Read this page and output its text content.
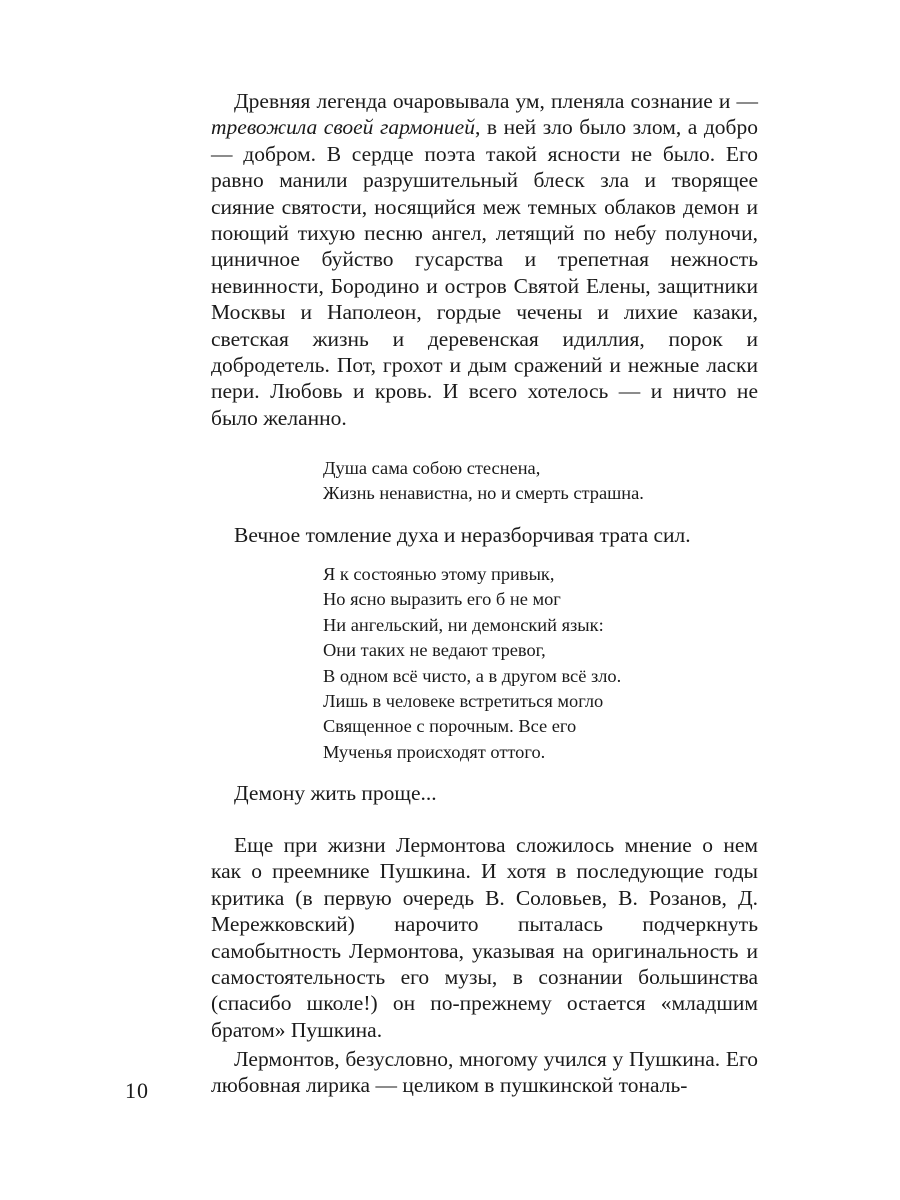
Древняя легенда очаровывала ум, пленяла сознание и — тревожила своей гармонией, в ней зло было злом, а добро — добром. В сердце поэта такой ясности не было. Его равно манили разрушительный блеск зла и творящее сияние святости, носящийся меж темных облаков демон и поющий тихую песню ангел, летящий по небу полуночи, циничное буйство гусарства и трепетная нежность невинности, Бородино и остров Святой Елены, защитники Москвы и Наполеон, гордые чечены и лихие казаки, светская жизнь и деревенская идиллия, порок и добродетель. Пот, грохот и дым сражений и нежные ласки пери. Любовь и кровь. И всего хотелось — и ничто не было желанно.

Душа сама собою стеснена,
Жизнь ненавистна, но и смерть страшна.

Вечное томление духа и неразборчивая трата сил.

Я к состоянью этому привык,
Но ясно выразить его б не мог
Ни ангельский, ни демонский язык:
Они таких не ведают тревог,
В одном всё чисто, а в другом всё зло.
Лишь в человеке встретиться могло
Священное с порочным. Все его
Мученья происходят оттого.

Демону жить проще...

Еще при жизни Лермонтова сложилось мнение о нем как о преемнике Пушкина. И хотя в последующие годы критика (в первую очередь В. Соловьев, В. Розанов, Д. Мережковский) нарочито пыталась подчеркнуть самобытность Лермонтова, указывая на оригинальность и самостоятельность его музы, в сознании большинства (спасибо школе!) он по-прежнему остается «младшим братом» Пушкина.

Лермонтов, безусловно, многому учился у Пушкина. Его любовная лирика — целиком в пушкинской тональ-

10
